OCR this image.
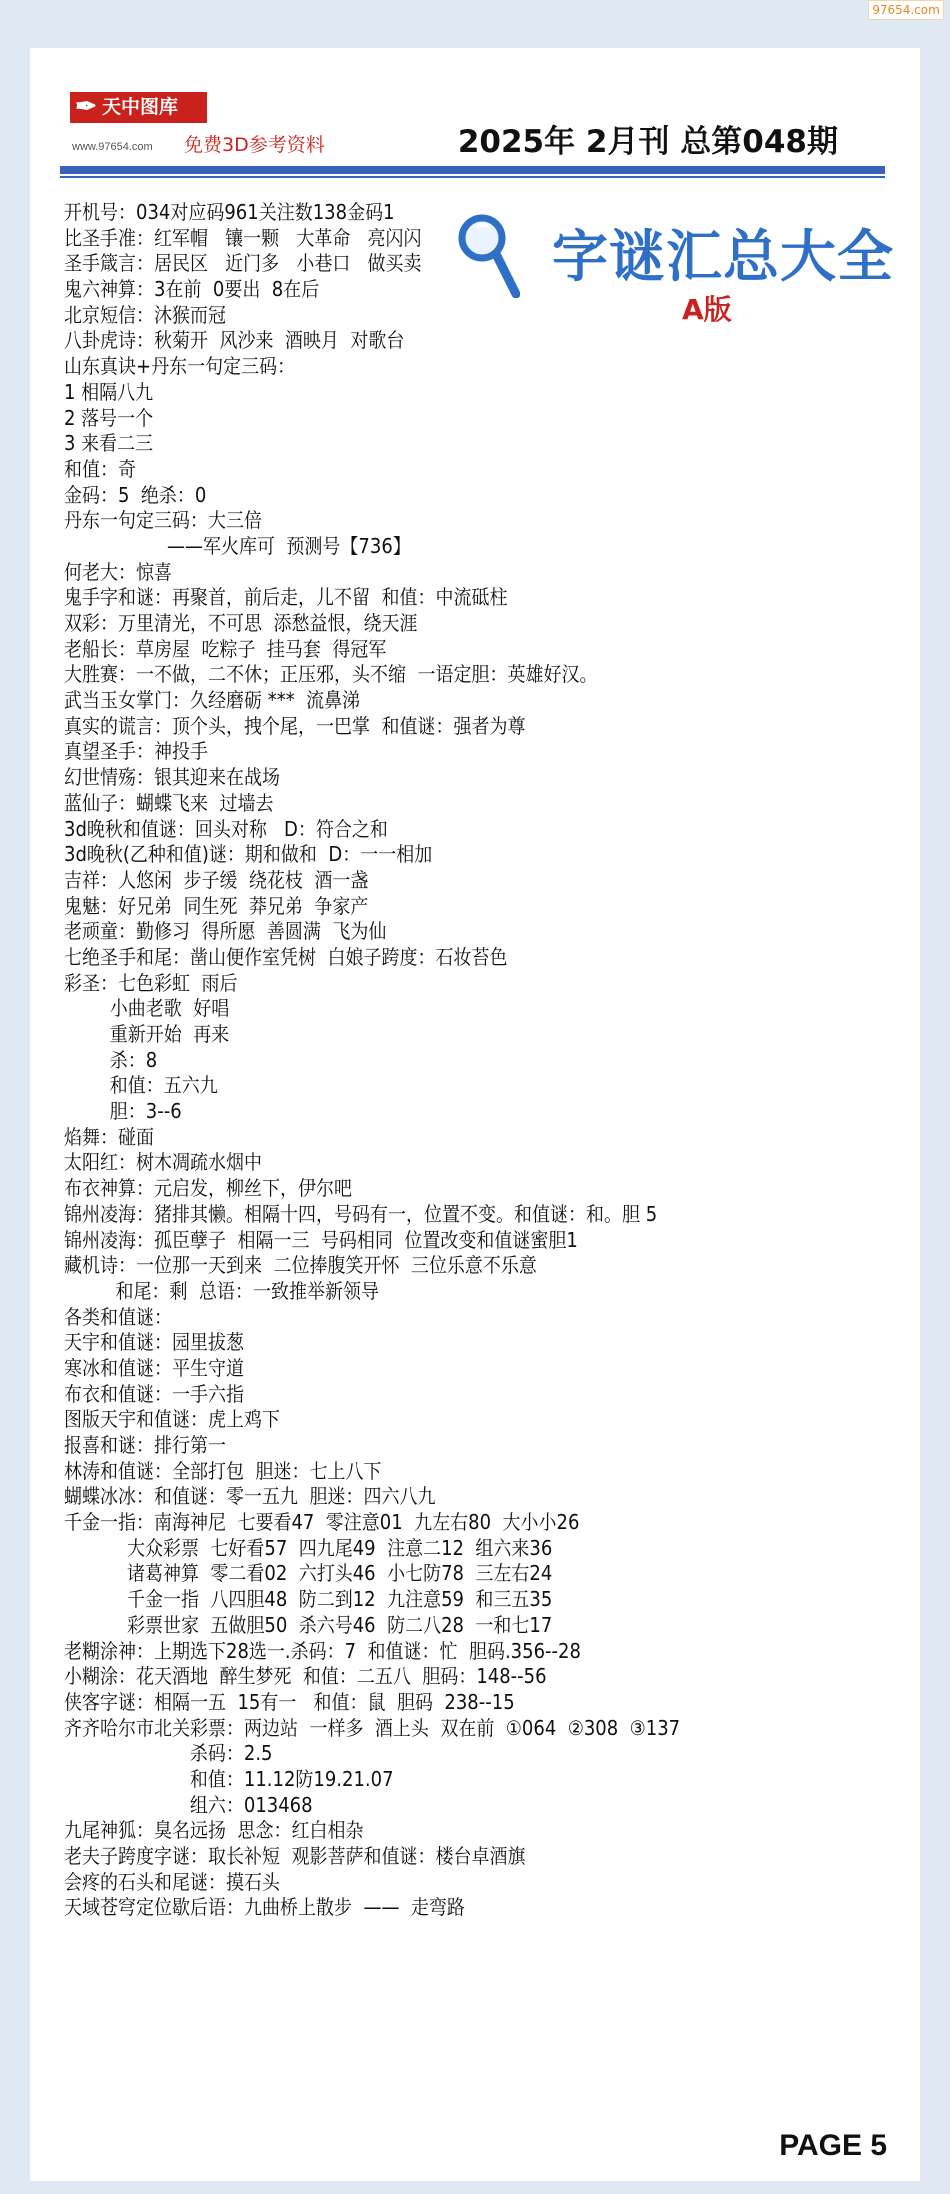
97654.com
✒ 天中图库
www.97654.com 免费3D参考资料	2025年 2月刊 总第048期
字谜汇总大全
A版
开机号：034对应码961关注数138金码1
比圣手准：红军帽   镶一颗   大革命   亮闪闪
圣手箴言：居民区   近门多   小巷口   做买卖
鬼六神算：3在前  0要出  8在后
北京短信：沐猴而冠
八卦虎诗：秋菊开  风沙来  酒映月  对歌台
山东真诀+丹东一句定三码：
1 相隔八九
2 落号一个
3 来看二三
和值：奇
金码：5  绝杀：0
丹东一句定三码：大三倍
——军火库可  预测号【736】
何老大：惊喜
鬼手字和谜：再聚首，前后走，儿不留  和值：中流砥柱
双彩：万里清光，不可思  添愁益恨，绕天涯
老船长：草房屋  吃粽子  挂马套  得冠军
大胜赛：一不做，二不休；正压邪，头不缩  一语定胆：英雄好汉。
武当玉女掌门：久经磨砺 ***  流鼻涕
真实的谎言：顶个头，拽个尾，一巴掌  和值谜：强者为尊
真望圣手：神投手
幻世情殇：银其迎来在战场
蓝仙子：蝴蝶飞来  过墙去
3d晚秋和值谜：回头对称   D：符合之和
3d晚秋(乙种和值)谜：期和做和  D：一一相加
吉祥：人悠闲  步子缓  绕花枝  酒一盏
鬼魅：好兄弟  同生死  莽兄弟  争家产
老顽童：勤修习  得所愿  善圆满  飞为仙
七绝圣手和尾：凿山便作室凭树  白娘子跨度：石妆苔色
彩圣：七色彩虹  雨后
小曲老歌  好唱
重新开始  再来
杀：8
和值：五六九
胆：3--6
焰舞：碰面
太阳红：树木凋疏水烟中
布衣神算：元启发，柳丝下，伊尔吧
锦州凌海：猪排其懒。相隔十四，号码有一，位置不变。和值谜：和。胆 5
锦州凌海：孤臣孽子  相隔一三  号码相同  位置改变和值谜蜜胆1
藏机诗：一位那一天到来  二位捧腹笑开怀  三位乐意不乐意
和尾：剩  总语：一致推举新领导
各类和值谜：
天宇和值谜：园里拔葱
寒冰和值谜：平生守道
布衣和值谜：一手六指
图版天宇和值谜：虎上鸡下
报喜和谜：排行第一
林涛和值谜：全部打包  胆迷：七上八下
蝴蝶冰冰：和值谜：零一五九  胆迷：四六八九
千金一指：南海神尼  七要看47  零注意01  九左右80  大小小26
大众彩票  七好看57  四九尾49  注意二12  组六来36
诸葛神算  零二看02  六打头46  小七防78  三左右24
千金一指  八四胆48  防二到12  九注意59  和三五35
彩票世家  五做胆50  杀六号46  防二八28  一和七17
老糊涂神：上期选下28选一.杀码：7  和值谜：忙  胆码.356--28
小糊涂：花天酒地  醉生梦死  和值：二五八  胆码：148--56
侠客字谜：相隔一五  15有一   和值：鼠  胆码  238--15
齐齐哈尔市北关彩票：两边站  一样多  酒上头  双在前  ①064  ②308  ③137
杀码：2.5
和值：11.12防19.21.07
组六：013468
九尾神狐：臭名远扬  思念：红白相杂
老夫子跨度字谜：取长补短  观影菩萨和值谜：楼台卓酒旗
会疼的石头和尾谜：摸石头
天域苍穹定位歇后语：九曲桥上散步  ——  走弯路
PAGE 5
